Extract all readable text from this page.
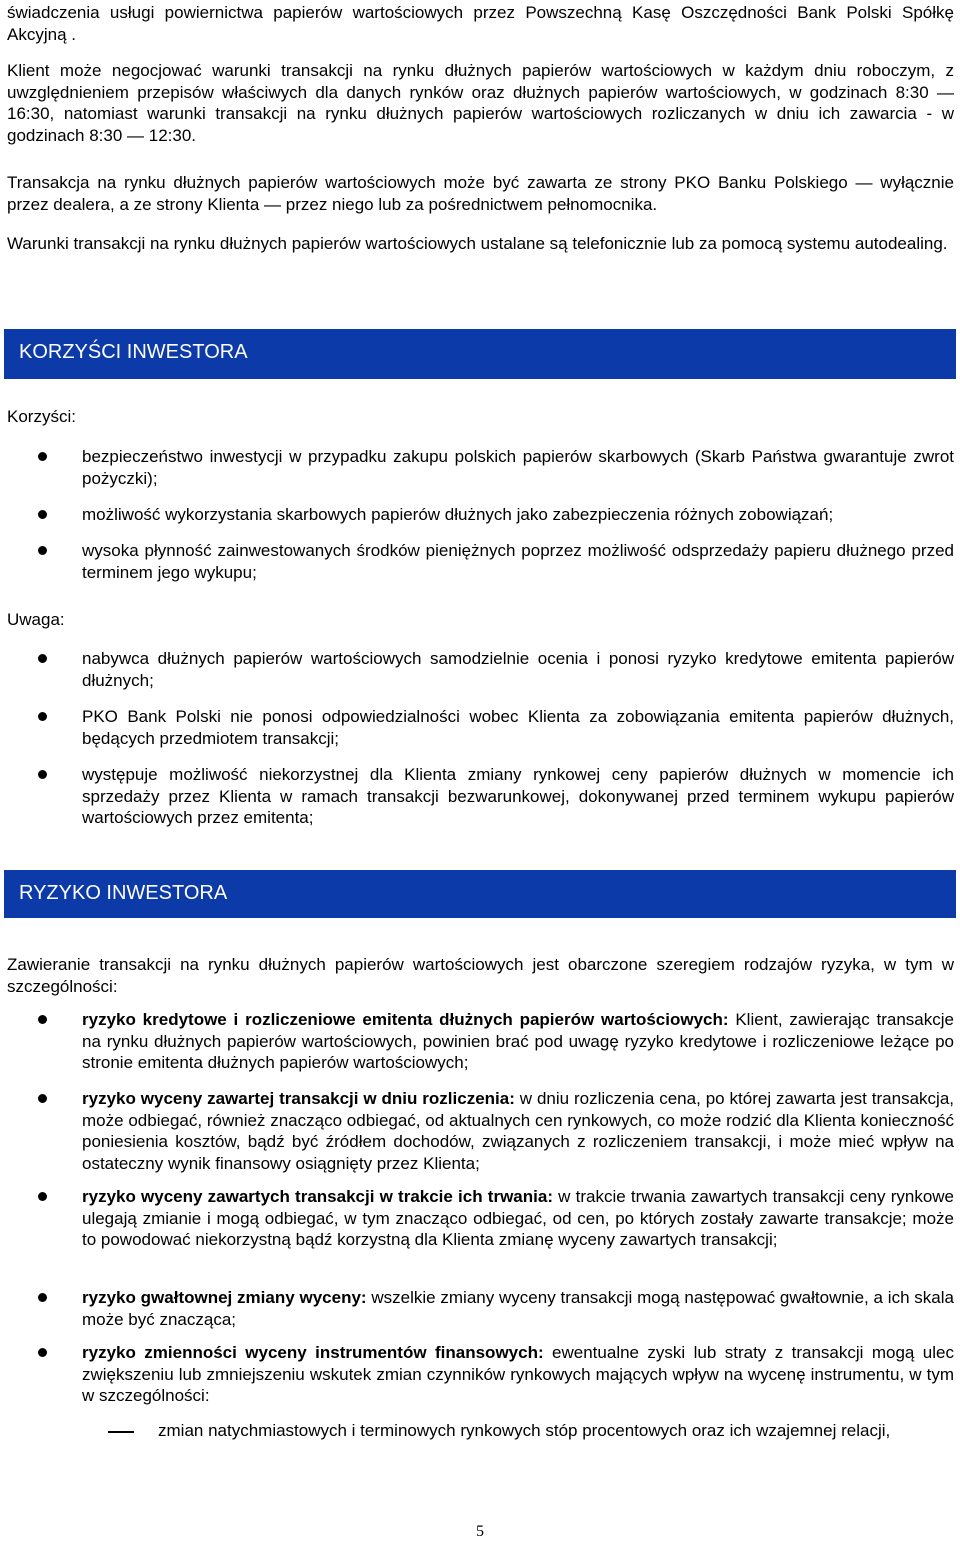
świadczenia usługi powiernictwa papierów wartościowych przez Powszechną Kasę Oszczędności Bank Polski Spółkę Akcyjną .

Klient może negocjować warunki transakcji na rynku dłużnych papierów wartościowych w każdym dniu roboczym, z uwzględnieniem przepisów właściwych dla danych rynków oraz dłużnych papierów wartościowych, w godzinach 8:30 — 16:30, natomiast warunki transakcji na rynku dłużnych papierów wartościowych rozliczanych w dniu ich zawarcia - w godzinach 8:30 — 12:30.

Transakcja na rynku dłużnych papierów wartościowych może być zawarta ze strony PKO Banku Polskiego — wyłącznie przez dealera, a ze strony Klienta — przez niego lub za pośrednictwem pełnomocnika.

Warunki transakcji na rynku dłużnych papierów wartościowych ustalane są telefonicznie lub za pomocą systemu autodealing.

KORZYŚCI INWESTORA
Korzyści:

bezpieczeństwo inwestycji w przypadku zakupu polskich papierów skarbowych (Skarb Państwa gwarantuje zwrot pożyczki);

możliwość wykorzystania skarbowych papierów dłużnych jako zabezpieczenia różnych zobowiązań;

wysoka płynność zainwestowanych środków pieniężnych poprzez możliwość odsprzedaży papieru dłużnego przed terminem jego wykupu;

Uwaga:

nabywca dłużnych papierów wartościowych samodzielnie ocenia i ponosi ryzyko kredytowe emitenta papierów dłużnych;

PKO Bank Polski nie ponosi odpowiedzialności wobec Klienta za zobowiązania emitenta papierów dłużnych, będących przedmiotem transakcji;

występuje możliwość niekorzystnej dla Klienta zmiany rynkowej ceny papierów dłużnych w momencie ich sprzedaży przez Klienta w ramach transakcji bezwarunkowej, dokonywanej przed terminem wykupu papierów wartościowych przez emitenta;

RYZYKO INWESTORA

Zawieranie transakcji na rynku dłużnych papierów wartościowych jest obarczone szeregiem rodzajów ryzyka, w tym w szczególności:

ryzyko kredytowe i rozliczeniowe emitenta dłużnych papierów wartościowych: Klient, zawierając transakcje na rynku dłużnych papierów wartościowych, powinien brać pod uwagę ryzyko kredytowe i rozliczeniowe leżące po stronie emitenta dłużnych papierów wartościowych;

ryzyko wyceny zawartej transakcji w dniu rozliczenia: w dniu rozliczenia cena, po której zawarta jest transakcja, może odbiegać, również znacząco odbiegać, od aktualnych cen rynkowych, co może rodzić dla Klienta konieczność poniesienia kosztów, bądź być źródłem dochodów, związanych z rozliczeniem transakcji, i może mieć wpływ na ostateczny wynik finansowy osiągnięty przez Klienta;

ryzyko wyceny zawartych transakcji w trakcie ich trwania: w trakcie trwania zawartych transakcji ceny rynkowe ulegają zmianie i mogą odbiegać, w tym znacząco odbiegać, od cen, po których zostały zawarte transakcje; może to powodować niekorzystną bądź korzystną dla Klienta zmianę wyceny zawartych transakcji;

ryzyko gwałtownej zmiany wyceny: wszelkie zmiany wyceny transakcji mogą następować gwałtownie, a ich skala może być znacząca;

ryzyko zmienności wyceny instrumentów finansowych: ewentualne zyski lub straty z transakcji mogą ulec zwiększeniu lub zmniejszeniu wskutek zmian czynników rynkowych mających wpływ na wycenę instrumentu, w tym w szczególności:

zmian natychmiastowych i terminowych rynkowych stóp procentowych oraz ich wzajemnej relacji,

5
